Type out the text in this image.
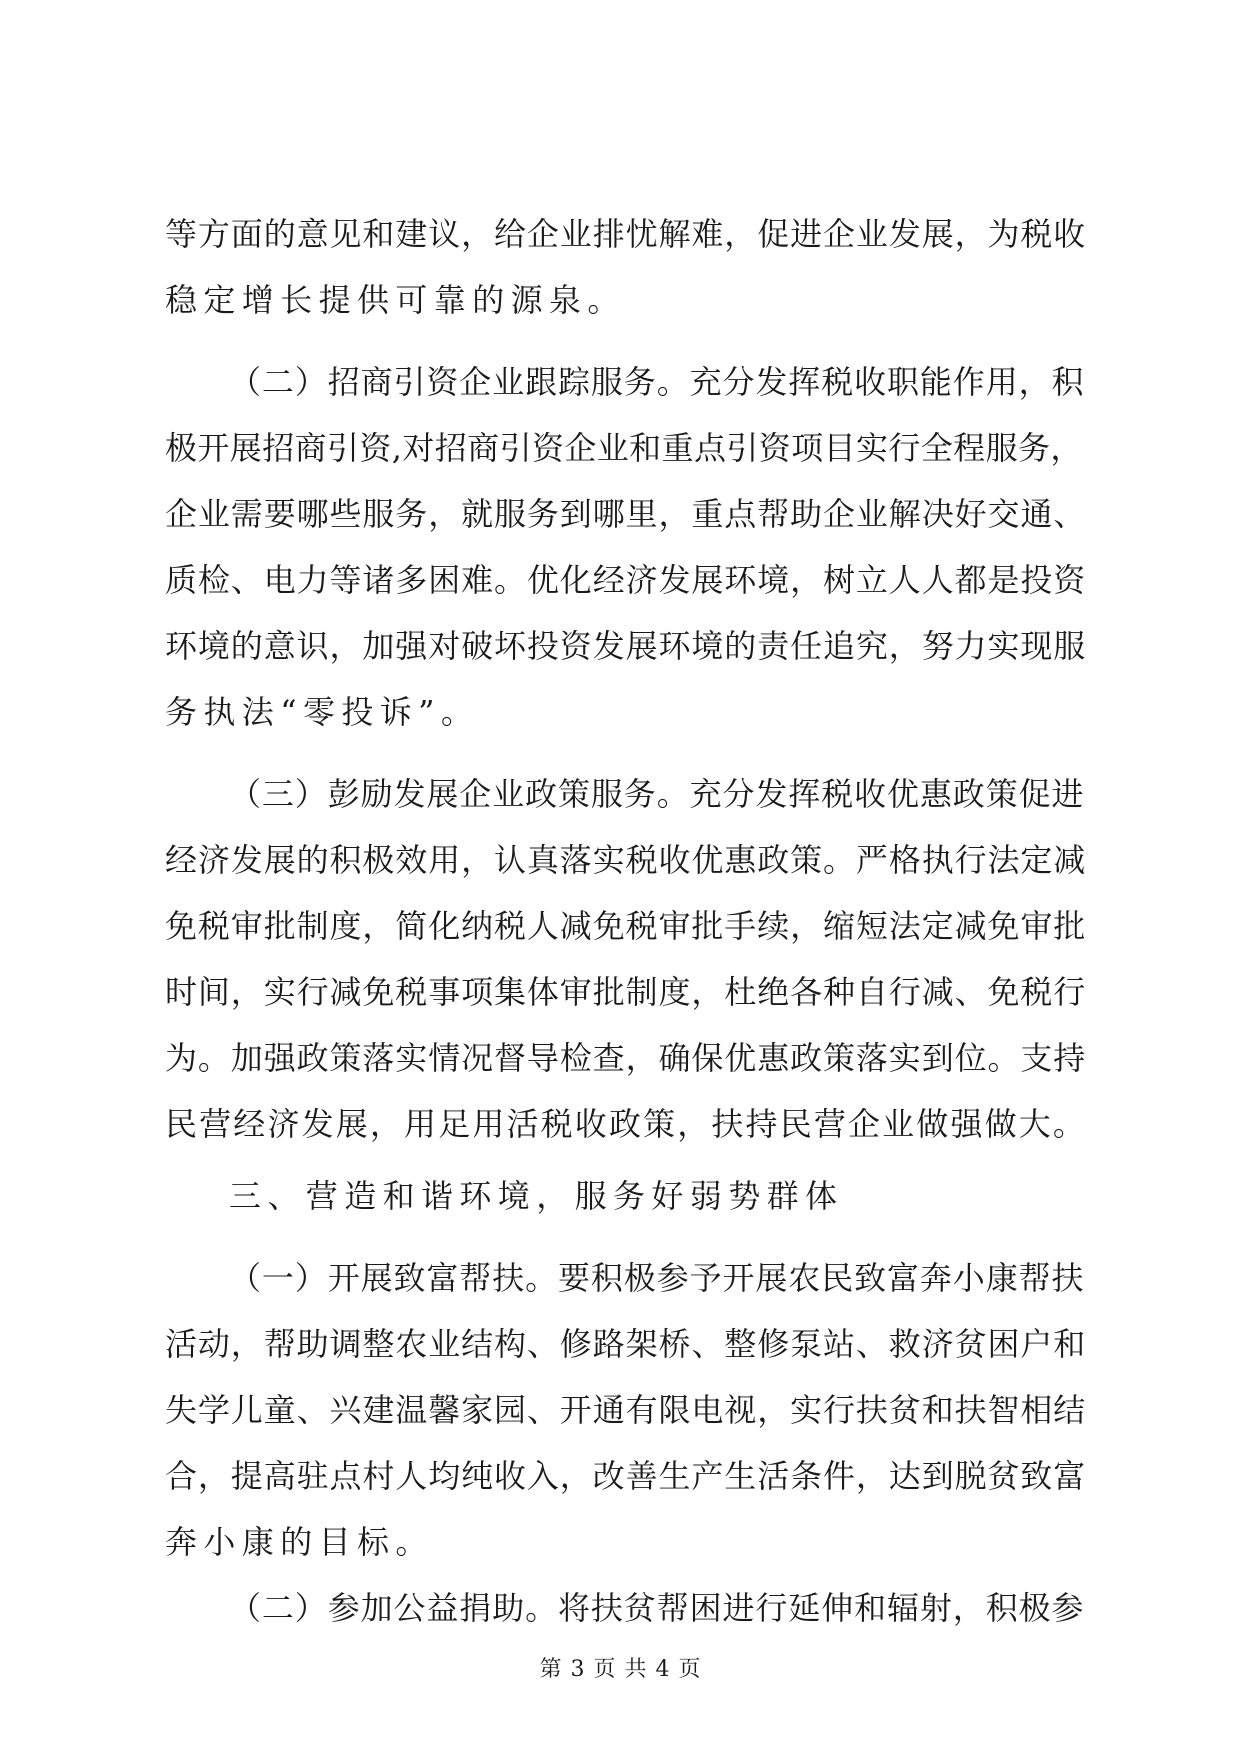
等方面的意见和建议，给企业排忧解难，促进企业发展，为税收
稳定增长提供可靠的源泉。
（二）招商引资企业跟踪服务。充分发挥税收职能作用，积
极开展招商引资,对招商引资企业和重点引资项目实行全程服务，
企业需要哪些服务，就服务到哪里，重点帮助企业解决好交通、
质检、电力等诸多困难。优化经济发展环境，树立人人都是投资
环境的意识，加强对破坏投资发展环境的责任追究，努力实现服
务执法“零投诉”。
（三）彭励发展企业政策服务。充分发挥税收优惠政策促进
经济发展的积极效用，认真落实税收优惠政策。严格执行法定减
免税审批制度，简化纳税人减免税审批手续，缩短法定减免审批
时间，实行减免税事项集体审批制度，杜绝各种自行减、免税行
为。加强政策落实情况督导检查，确保优惠政策落实到位。支持
民营经济发展，用足用活税收政策，扶持民营企业做强做大。
三、营造和谐环境，服务好弱势群体
（一）开展致富帮扶。要积极参予开展农民致富奔小康帮扶
活动，帮助调整农业结构、修路架桥、整修泵站、救济贫困户和
失学儿童、兴建温馨家园、开通有限电视，实行扶贫和扶智相结
合，提高驻点村人均纯收入，改善生产生活条件，达到脱贫致富
奔小康的目标。
第 3 页 共 4 页
（二）参加公益捐助。将扶贫帮困进行延伸和辐射，积极参
